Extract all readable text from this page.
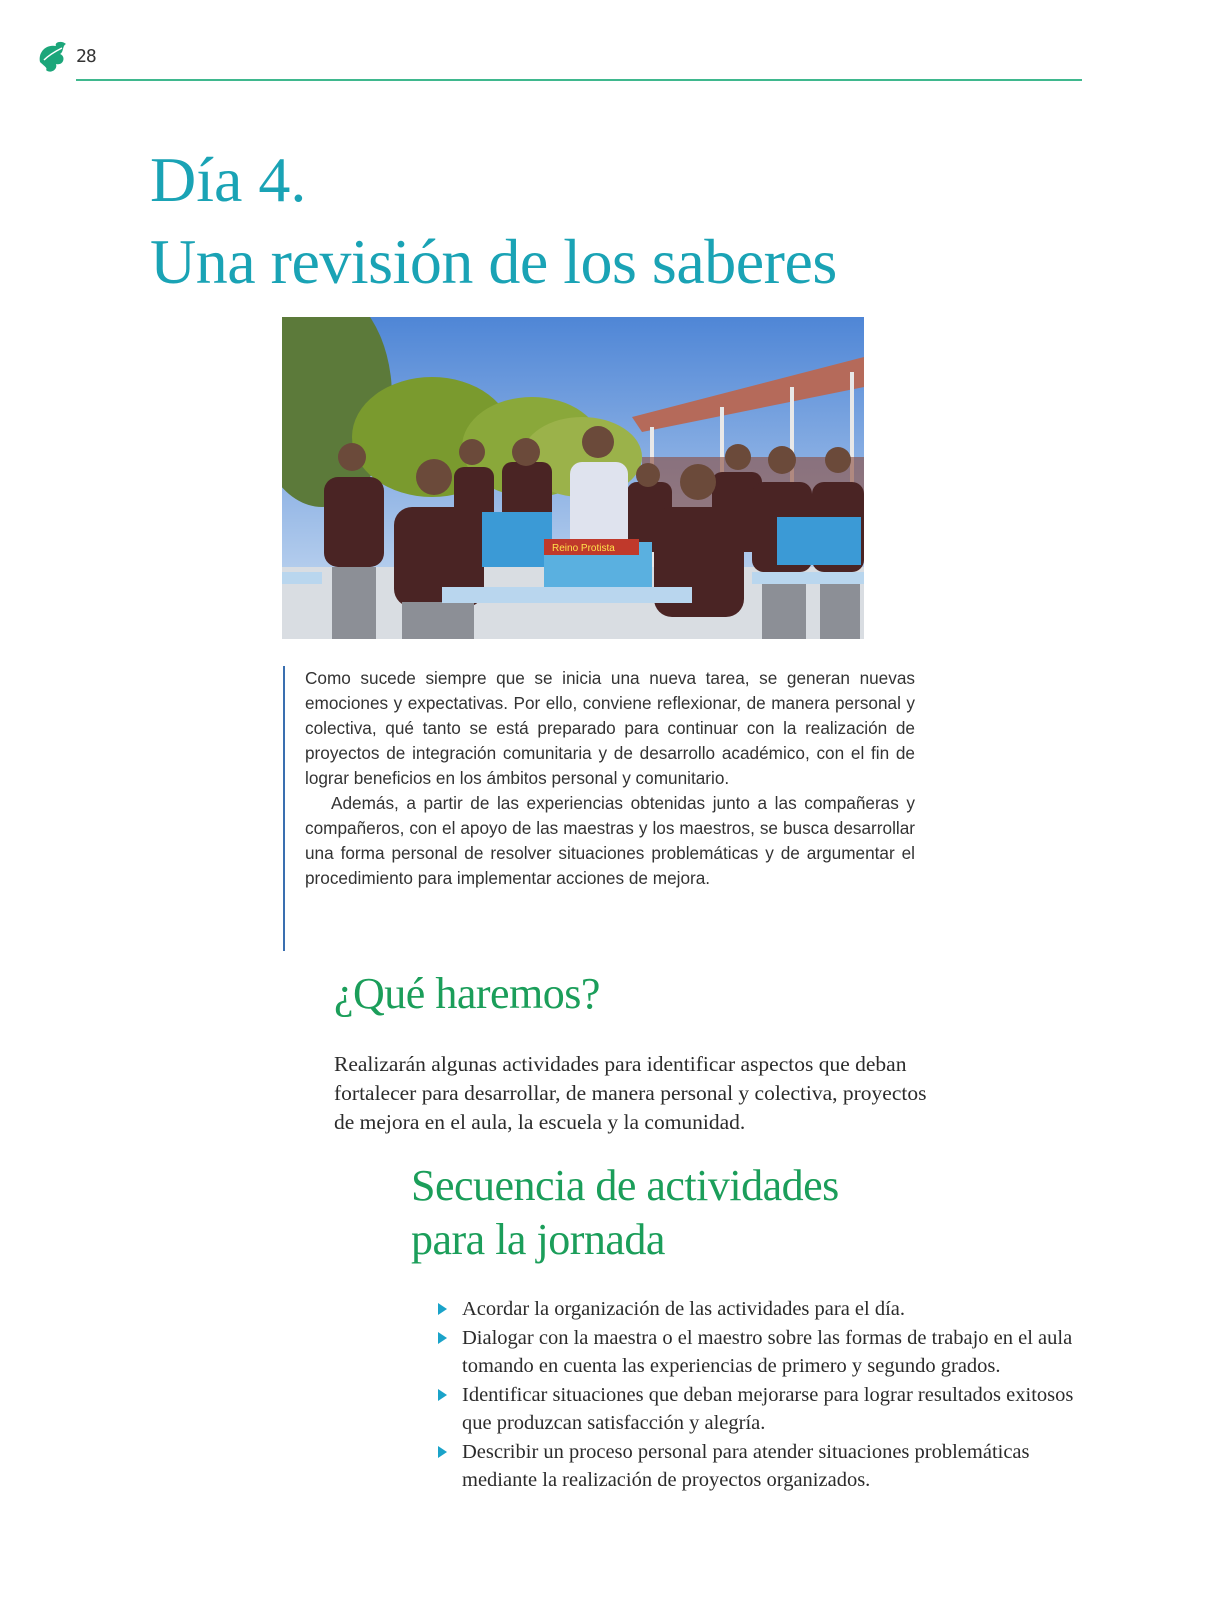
28
Día 4.
Una revisión de los saberes
Reino Protista

Como sucede siempre que se inicia una nueva tarea, se generan nuevas emociones y expectativas. Por ello, conviene reflexionar, de manera personal y colectiva, qué tanto se está preparado para continuar con la realización de proyectos de integración comunitaria y de desarrollo académico, con el fin de lograr beneficios en los ámbitos personal y comunitario.

Además, a partir de las experiencias obtenidas junto a las compañeras y compañeros, con el apoyo de las maestras y los maestros, se busca desarrollar una forma personal de resolver situaciones problemáticas y de argumentar el procedimiento para implementar acciones de mejora.

¿Qué haremos?

Realizarán algunas actividades para identificar aspectos que deban fortalecer para desarrollar, de manera personal y colectiva, proyectos de mejora en el aula, la escuela y la comunidad.

Secuencia de actividades
para la jornada
Acordar la organización de las actividades para el día.
Dialogar con la maestra o el maestro sobre las formas de trabajo en el aula tomando en cuenta las experiencias de primero y segundo grados.
Identificar situaciones que deban mejorarse para lograr resultados exitosos que produzcan satisfacción y alegría.
Describir un proceso personal para atender situaciones problemáticas mediante la realización de proyectos organizados.
